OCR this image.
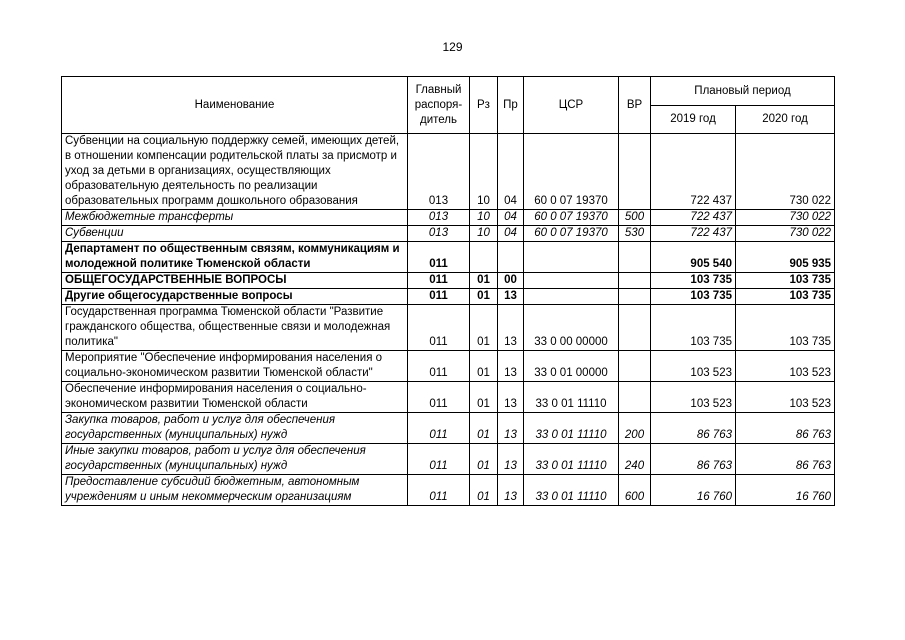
129
Наименование	Главный
распоря-
дитель	Рз	Пр	ЦСР	ВР	Плановый период	
						2019 год	2020 год
Субвенции на социальную поддержку семей, имеющих детей, в отношении компенсации родительской платы за присмотр и уход за детьми в организациях, осуществляющих образовательную деятельность по реализации образовательных программ дошкольного образования	013	10	04	60 0 07 19370		722 437	730 022
Межбюджетные трансферты	013	10	04	60 0 07 19370	500	722 437	730 022
Субвенции	013	10	04	60 0 07 19370	530	722 437	730 022
Департамент по общественным связям, коммуникациям и молодежной политике Тюменской области	011					905 540	905 935
ОБЩЕГОСУДАРСТВЕННЫЕ ВОПРОСЫ	011	01	00			103 735	103 735
Другие общегосударственные вопросы	011	01	13			103 735	103 735
Государственная программа Тюменской области "Развитие гражданского общества, общественные связи и молодежная политика"	011	01	13	33 0 00 00000		103 735	103 735
Мероприятие "Обеспечение информирования населения о социально-экономическом развитии Тюменской области"	011	01	13	33 0 01 00000		103 523	103 523
Обеспечение информирования населения о социально-экономическом развитии Тюменской области	011	01	13	33 0 01 11110		103 523	103 523
Закупка товаров, работ и услуг для обеспечения государственных (муниципальных) нужд	011	01	13	33 0 01 11110	200	86 763	86 763
Иные закупки товаров, работ и услуг для обеспечения государственных (муниципальных) нужд	011	01	13	33 0 01 11110	240	86 763	86 763
Предоставление субсидий бюджетным, автономным учреждениям и иным некоммерческим организациям	011	01	13	33 0 01 11110	600	16 760	16 760
